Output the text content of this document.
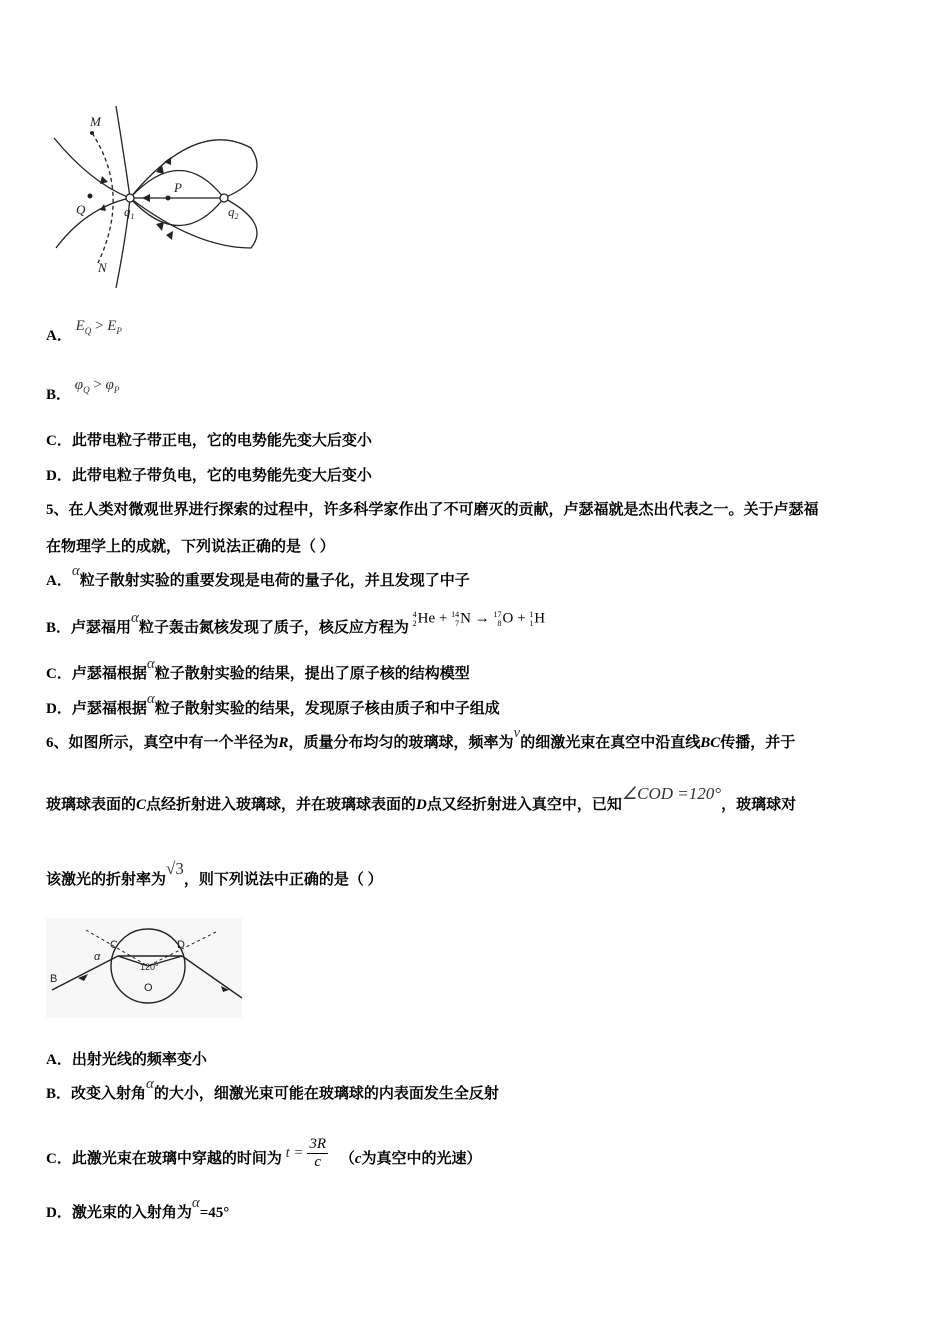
M
Q
N
P
$q_1$	$q_2$
A． $E_Q > E_P$
B． $\varphi_Q > \varphi_P$
C．此带电粒子带正电，它的电势能先变大后变小
D．此带电粒子带负电，它的电势能先变大后变小
5、在人类对微观世界进行探索的过程中，许多科学家作出了不可磨灭的贡献，卢瑟福就是杰出代表之一。关于卢瑟福
在物理学上的成就，下列说法正确的是（ ）
A．α粒子散射实验的重要发现是电荷的量子化，并且发现了中子
B．卢瑟福用α粒子轰击氮核发现了质子，核反应方程为
4
2 He + 14
7 N → 17
8 O + 1
1 H
C．卢瑟福根据α粒子散射实验的结果，提出了原子核的结构模型
D．卢瑟福根据α粒子散射实验的结果，发现原子核由质子和中子组成
6、如图所示，真空中有一个半径为R，质量分布均匀的玻璃球，频率为ν的细激光束在真空中沿直线BC传播，并于
玻璃球表面的C点经折射进入玻璃球，并在玻璃球表面的D点又经折射进入真空中，已知∠COD =120°，玻璃球对
该激光的折射率为√3，则下列说法中正确的是（ ）
B
C	D
α
O
120°
A．出射光线的频率变小
B．改变入射角α的大小，细激光束可能在玻璃球的内表面发生全反射
C．此激光束在玻璃中穿越的时间为 $t = \frac{3R}{c} (c$为真空中的光速）
D．激光束的入射角为α=45°
